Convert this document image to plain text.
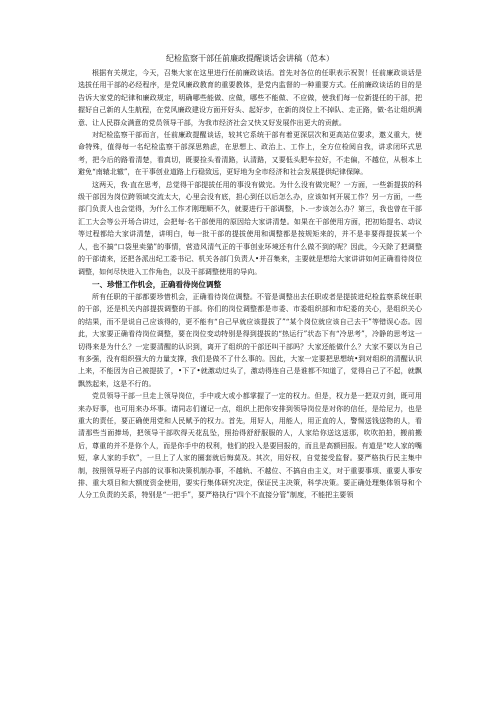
纪检监察干部任前廉政提醒谈话会讲稿（范本）

根据有关规定，今天，召集大家在这里进行任前廉政谈话。首先对各位的任职表示祝贺！任前廉政谈话是选拔任用干部的必经程序，是党风廉政教育的重要教体，是党内监督的一种重要方式。任前廉政谈话的目的是告诉大家党的纪律和廉政规定，明确哪些能做、应做，哪些不能做、不应做，使我们每一位新提任的干部，把握好自己新的人生航程，在党风廉政建设方面开好头、起好步，在新的岗位上不掉队、走正路，做·名让组织满意、让人民群众满意的党员领导干部，为我市经济社会又快又好发展作出更大的贡献。

对纪检监察干部而言，任前廉政提醒谈话，较其它系统干部有着更深层次和更高站位要求，邀义重大，使命特殊，值得每一名纪检监察干部深思熟虑，在思想上、政治上、工作上，全方位检阅自我，讲求闭环式思考，把今后的路看清楚，看真切，既要捡头看清路，认清路，又要低头肥车拉好，不走偏，不越位，从根本上避免“南辕北辙”，在干事创业道路上行稳致远，更好地为全市经济和社会发展提供纪律保障。

这两天，我·直在思考，总觉得干部提拔任用的事没有做完。为什么没有做完呢？一方面，一些新提拔的科级干部因为岗位跨领域交流太大，心里会没有底，担心到任以后怎么办，应该如何开展工作？另一方面，一些部门负责人也会觉得，为什么工作才刚理顺不久，就要进行干部调整，卜.一步该怎么办？第三，我也曾在干部汇工大会等公开场合讲过，会把每·名干部使用的原因给大家讲清楚。如果在干部使用方面，把初始提名、动议等过程都给大家讲清楚，讲明白，每一批干部的提拔使用和调整都是按规矩来的，并不是非要得提拔某一个人，也不搞“口袋里卖猫”的事情，营造风清气正的干事创业环境还有什么做不到的呢？因此，今天除了把调整的干部请来，还把各派出纪工委书记、机关各部门负责人•并召集来，主要就是想给大家讲讲如何正确看待岗位调整，如何尽快进入工作角色，以及干部调整使用的导向。

一、珍惜工作机会，正确看待岗位调整

所有任职的干部都要珍惜机会，正确看待岗位调整。不管是调整出去任职或者是提拔进纪检监察系统任职的干部，还是机关内部提拔调整的干部。你们的岗位调整都是市委、市委组织部和市纪委的关心，是组织关心的结果，而不是说自己应该得的，更不能有“自己早就应该提拔了”“某个岗位就应该自己去干”等错误心态。因此，大家要正确看待岗位调整，要在岗位变动特别是得到提拔的“热运行”状态下有“冷思考”，冷静的思考这一切得来是为什么？一定要清醒的认识到，离开了组织的干部还叫干部吗？大家还能做什么？大家不要以为自己有多强，没有组织强大的力量支撑，我们是做不了什么事的。因此，大家一定要把思想统•到对组织的清醒认识上来，不能因为自己被提拔了，•下了•就激动过头了，激动得连自己是谁都不知道了，觉得自己了不起，就飘飘然起来，这是不行的。

党员领导干部一旦走上领导岗位，手中或大或小都掌握了一定的权力。但是，权力是一把双刃剑，既可用来办好事，也可用来办坏事。请同志们谨记一点，组织上把你安排到领导岗位是对你的信任，是给尼力，也是重大的责任，要正确使用党和人民赋予的权力。首先，用好人，用能人，用正直的人，警惕送钱送物的人，看清那些当面捧场，把领导干部吹得天花乱坠，照抬得舒舒服服的人，人家给你送这送那，吹吹拍拍，搬前搬后，尊重的并不是你个人，而是你手中的权利，他们的投入是要回报的，而且是高额回报。有道是“吃人家的嘴短，拿人家的手软”，一旦上了人家的圈套就后悔莫及。其次，用好权，自觉接受监督。要严格执行民主集中制，按照领导班子内部的议事和决策机制办事，不越轨、不越位、不搞自由主义，对于重要事项、重要人事安排、重大项目和大额度资金使用，要实行集体研究决定，保证民主决策，科学决策。要正确处理集体领导和个人分工负责的关系，特别是“一把手”，要严格执行“四个不直接分管”制度，不能把主要领
